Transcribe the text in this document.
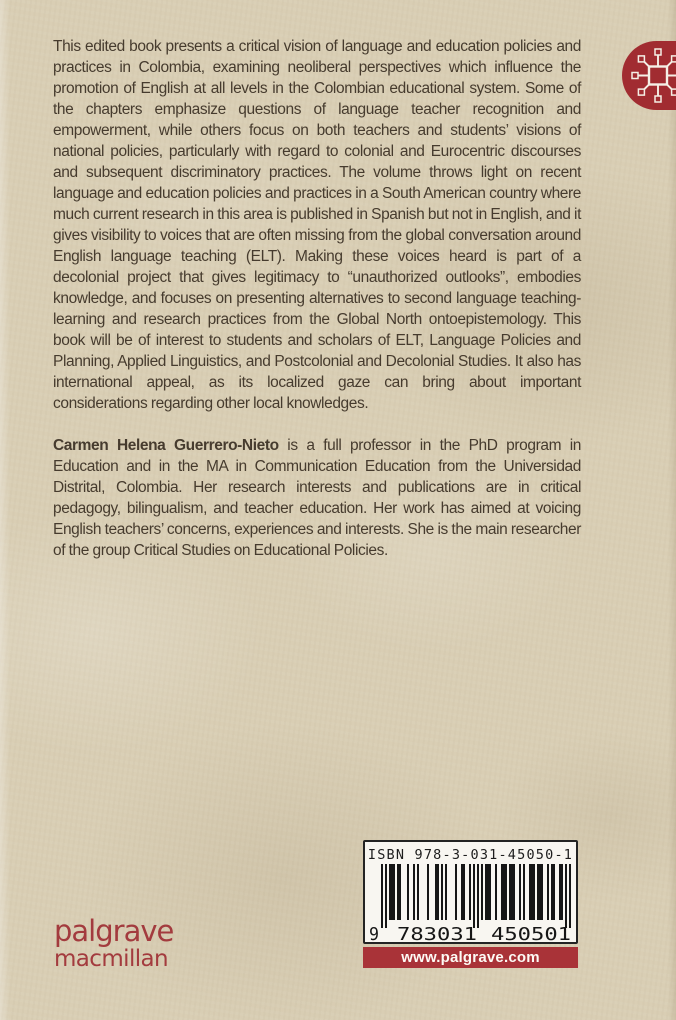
This edited book presents a critical vision of language and education policies and practices in Colombia, examining neoliberal perspectives which influence the promotion of English at all levels in the Colombian educational system. Some of the chapters emphasize questions of language teacher recognition and empowerment, while others focus on both teachers and students’ visions of national policies, particularly with regard to colonial and Eurocentric discourses and subsequent discriminatory practices. The volume throws light on recent language and education policies and practices in a South American country where much current research in this area is published in Spanish but not in English, and it gives visibility to voices that are often missing from the global conversation around English language teaching (ELT). Making these voices heard is part of a decolonial project that gives legitimacy to “unauthorized outlooks”, embodies knowledge, and focuses on presenting alternatives to second language teaching-learning and research practices from the Global North ontoepistemology. This book will be of interest to students and scholars of ELT, Language Policies and Planning, Applied Linguistics, and Postcolonial and Decolonial Studies. It also has international appeal, as its localized gaze can bring about important considerations regarding other local knowledges.

Carmen Helena Guerrero-Nieto is a full professor in the PhD program in Education and in the MA in Communication Education from the Universidad Distrital, Colombia. Her research interests and publications are in critical pedagogy, bilingualism, and teacher education. Her work has aimed at voicing English teachers’ concerns, experiences and interests. She is the main researcher of the group Critical Studies on Educational Policies.

ISBN 978-3-031-45050-1
9 783031 450501
www.palgrave.com
palgrave
macmillan
